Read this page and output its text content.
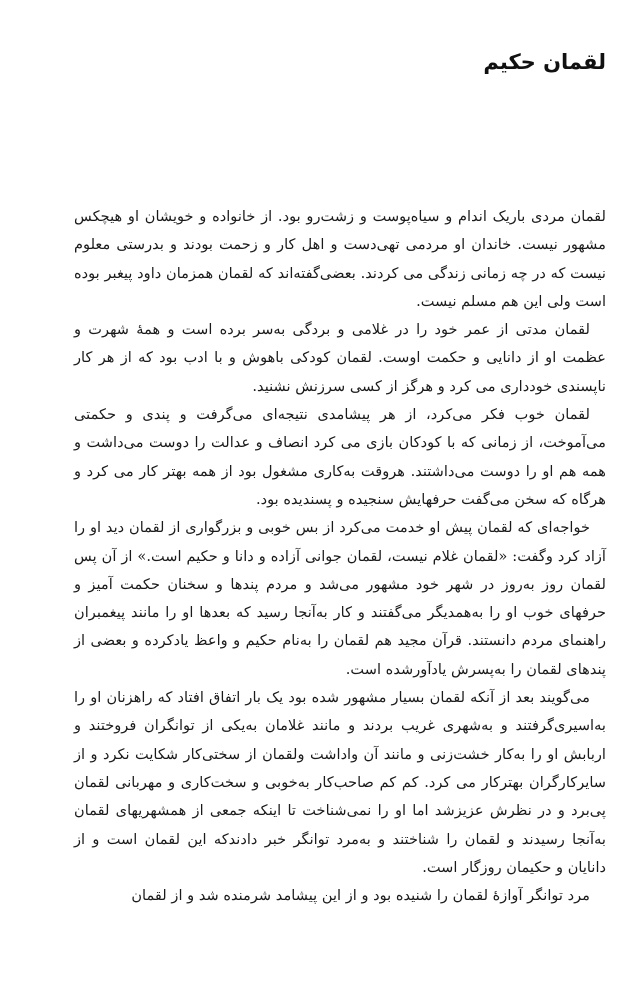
لقمان حکیم

لقمان مردی باریک اندام و سیاه‌پوست و زشت‌رو بود. از خانواده و خویشان او هیچکس مشهور نیست. خاندان او مردمی تهی‌دست و اهل کار و زحمت بودند و بدرستی معلوم نیست که در چه زمانی زندگی می کردند. بعضی‌گفته‌اند که لقمان همزمان داود پیغبر بوده است ولی این هم مسلم نیست.

لقمان مدتی از عمر خود را در غلامی و بردگی به‌سر برده است و همهٔ شهرت و عظمت او از دانایی و حکمت اوست. لقمان کودکی باهوش و با ادب بود که از هر کار ناپسندی خودداری می کرد و هرگز از کسی سرزنش نشنید.

لقمان خوب فکر می‌کرد، از هر پیشامدی نتیجه‌ای می‌گرفت و پندی و حکمتی می‌آموخت، از زمانی که با کودکان بازی می کرد انصاف و عدالت را دوست می‌داشت و همه هم او را دوست می‌داشتند. هروقت به‌کاری مشغول بود از همه بهتر کار می کرد و هرگاه که سخن می‌گفت حرفهایش سنجیده و پسندیده بود.

خواجه‌ای که لقمان پیش او خدمت می‌کرد از بس خوبی و بزرگواری از لقمان دید او را آزاد کرد وگفت: «لقمان غلام نیست، لقمان جوانی آزاده و دانا و حکیم است.» از آن پس لقمان روز به‌روز در شهر خود مشهور می‌شد و مردم پندها و سخنان حکمت آمیز و حرفهای خوب او را به‌همدیگر می‌گفتند و کار به‌آنجا رسید که بعدها او را مانند پیغمبران راهنمای مردم دانستند. قرآن مجید هم لقمان را به‌نام حکیم و واعظ یادکرده و بعضی از پندهای لقمان را به‌پسرش یادآورشده است.

می‌گویند بعد از آنکه لقمان بسیار مشهور شده بود یک بار اتفاق افتاد که راهزنان او را به‌اسیری‌گرفتند و به‌شهری غریب بردند و مانند غلامان به‌یکی از توانگران فروختند و اربابش او را به‌کار خشت‌زنی و مانند آن واداشت ولقمان از سختی‌کار شکایت نکرد و از سایرکارگران بهترکار می کرد. کم کم صاحب‌کار به‌خوبی و سخت‌کاری و مهربانی لقمان پی‌برد و در نظرش عزیزشد اما او را نمی‌شناخت تا اینکه جمعی از همشهریهای لقمان به‌آنجا رسیدند و لقمان را شناختند و به‌مرد توانگر خبر دادندکه این لقمان است و از دانایان و حکیمان روزگار است.

مرد توانگر آوازهٔ لقمان را شنیده بود و از این پیشامد شرمنده شد و از لقمان
